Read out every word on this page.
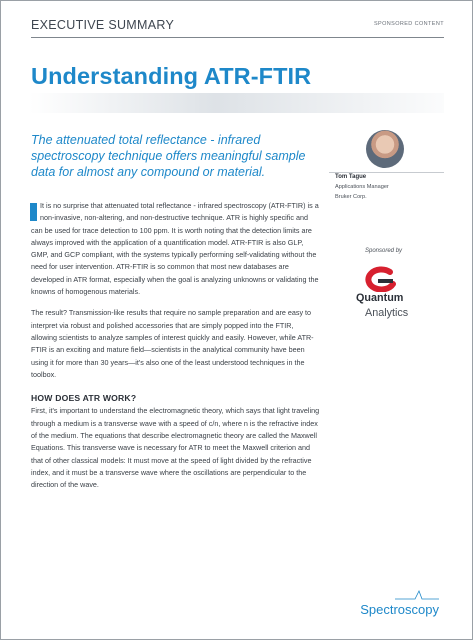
EXECUTIVE SUMMARY	SPONSORED CONTENT
Understanding ATR-FTIR
The attenuated total reflectance - infrared spectroscopy technique offers meaningful sample data for almost any compound or material.

It is no surprise that attenuated total reflectance - infrared spectroscopy (ATR-FTIR) is a non-invasive, non-altering, and non-destructive technique. ATR is highly specific and can be used for trace detection to 100 ppm. It is worth noting that the detection limits are always improved with the application of a quantification model. ATR-FTIR is also GLP, GMP, and GCP compliant, with the systems typically performing self-validating without the need for user intervention. ATR-FTIR is so common that most new databases are developed in ATR format, especially when the goal is analyzing unknowns or validating the knowns of homogenous materials.

The result? Transmission-like results that require no sample preparation and are easy to interpret via robust and polished accessories that are simply popped into the FTIR, allowing scientists to analyze samples of interest quickly and easily. However, while ATR-FTIR is an exciting and mature field—scientists in the analytical community have been using it for more than 30 years—it's also one of the least understood techniques in the toolbox.

HOW DOES ATR WORK?

First, it's important to understand the electromagnetic theory, which says that light traveling through a medium is a transverse wave with a speed of c/n, where n is the refractive index of the medium. The equations that describe electromagnetic theory are called the Maxwell Equations. This transverse wave is necessary for ATR to meet the Maxwell criterion and that of other classical models: It must move at the speed of light divided by the refractive index, and it must be a transverse wave where the oscillations are perpendicular to the direction of the wave.

Tom Tague
Applications Manager
Bruker Corp.
Sponsored by
Quantum
Analytics
Spectroscopy
